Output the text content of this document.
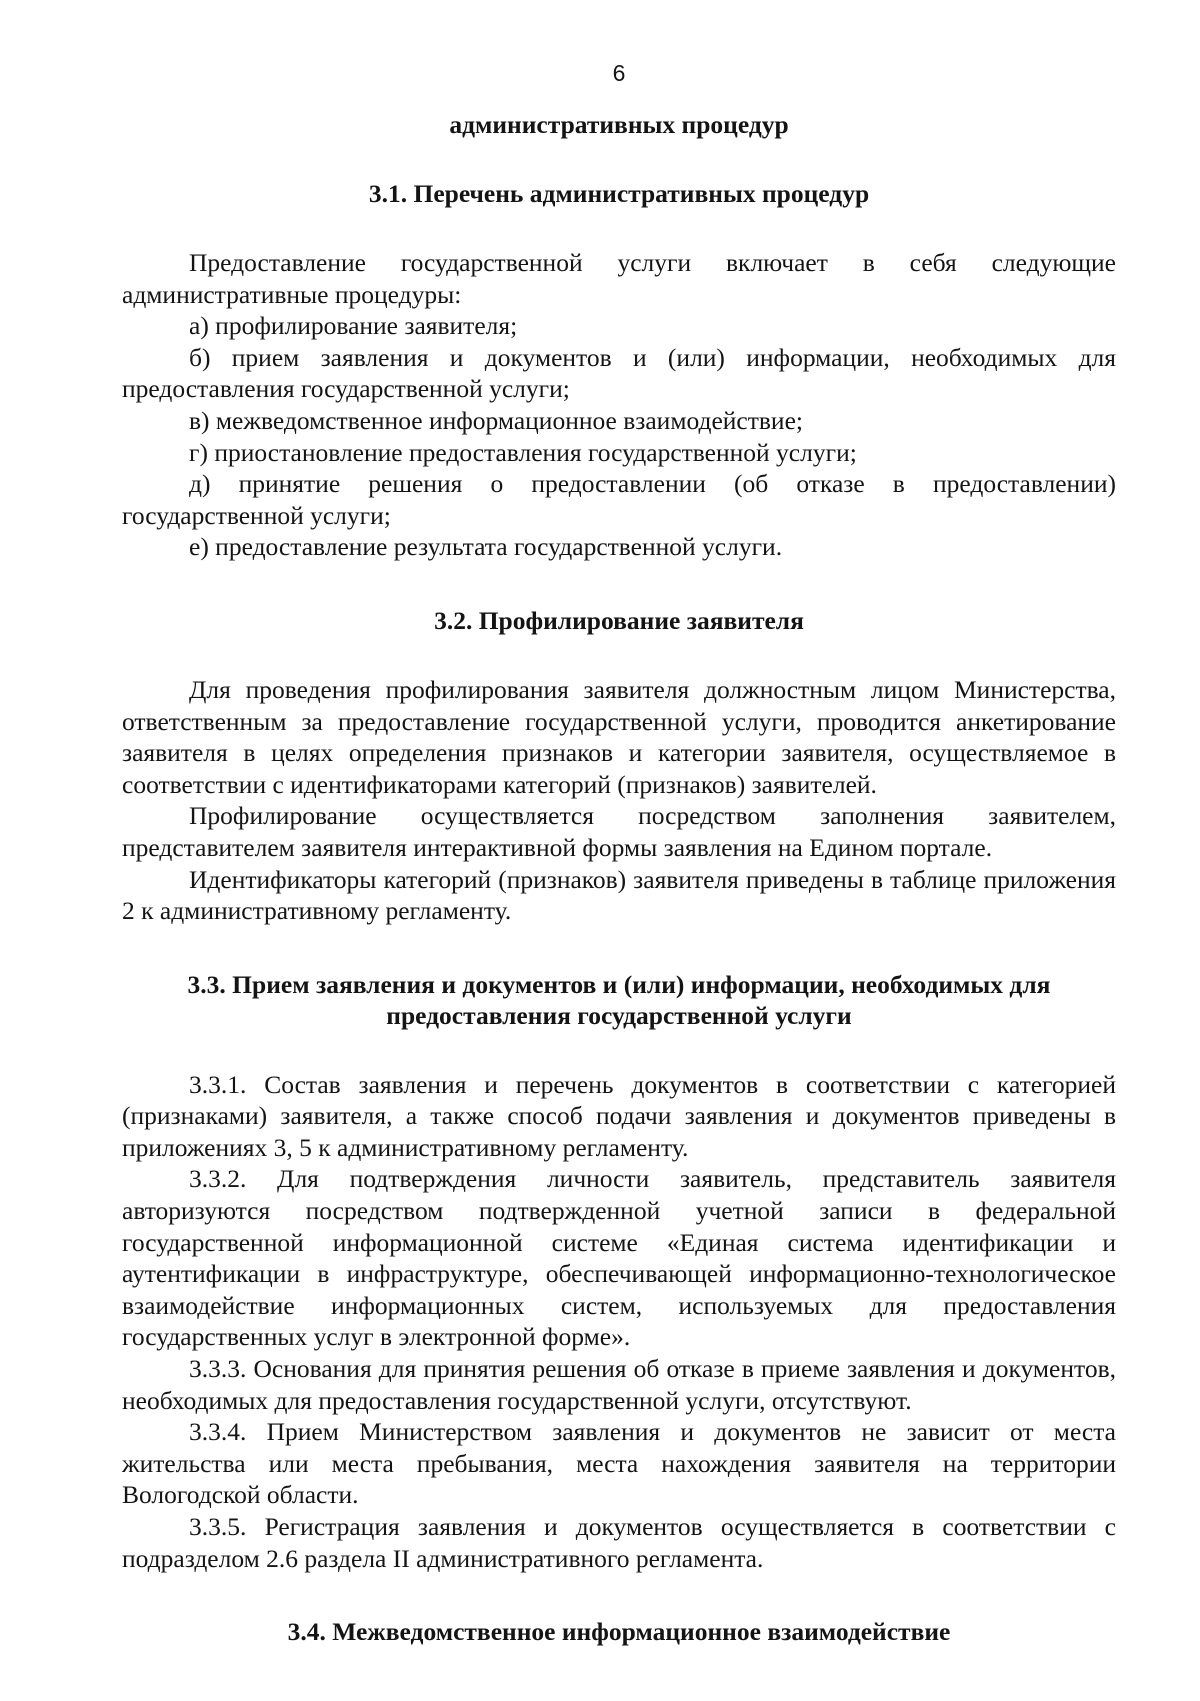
6
административных процедур
3.1. Перечень административных процедур

Предоставление государственной услуги включает в себя следующие административные процедуры:

а) профилирование заявителя;

б) прием заявления и документов и (или) информации, необходимых для предоставления государственной услуги;

в) межведомственное информационное взаимодействие;

г) приостановление предоставления государственной услуги;

д) принятие решения о предоставлении (об отказе в предоставлении) государственной услуги;

е) предоставление результата государственной услуги.

3.2. Профилирование заявителя

Для проведения профилирования заявителя должностным лицом Министерства, ответственным за предоставление государственной услуги, проводится анкетирование заявителя в целях определения признаков и категории заявителя, осуществляемое в соответствии с идентификаторами категорий (признаков) заявителей.

Профилирование осуществляется посредством заполнения заявителем, представителем заявителя интерактивной формы заявления на Едином портале.

Идентификаторы категорий (признаков) заявителя приведены в таблице приложения 2 к административному регламенту.

3.3. Прием заявления и документов и (или) информации, необходимых для
предоставления государственной услуги

3.3.1. Состав заявления и перечень документов в соответствии с категорией (признаками) заявителя, а также способ подачи заявления и документов приведены в приложениях 3, 5 к административному регламенту.

3.3.2. Для подтверждения личности заявитель, представитель заявителя авторизуются посредством подтвержденной учетной записи в федеральной государственной информационной системе «Единая система идентификации и аутентификации в инфраструктуре, обеспечивающей информационно-технологическое взаимодействие информационных систем, используемых для предоставления государственных услуг в электронной форме».

3.3.3. Основания для принятия решения об отказе в приеме заявления и документов, необходимых для предоставления государственной услуги, отсутствуют.

3.3.4. Прием Министерством заявления и документов не зависит от места жительства или места пребывания, места нахождения заявителя на территории Вологодской области.

3.3.5. Регистрация заявления и документов осуществляется в соответствии с подразделом 2.6 раздела II административного регламента.

3.4. Межведомственное информационное взаимодействие
